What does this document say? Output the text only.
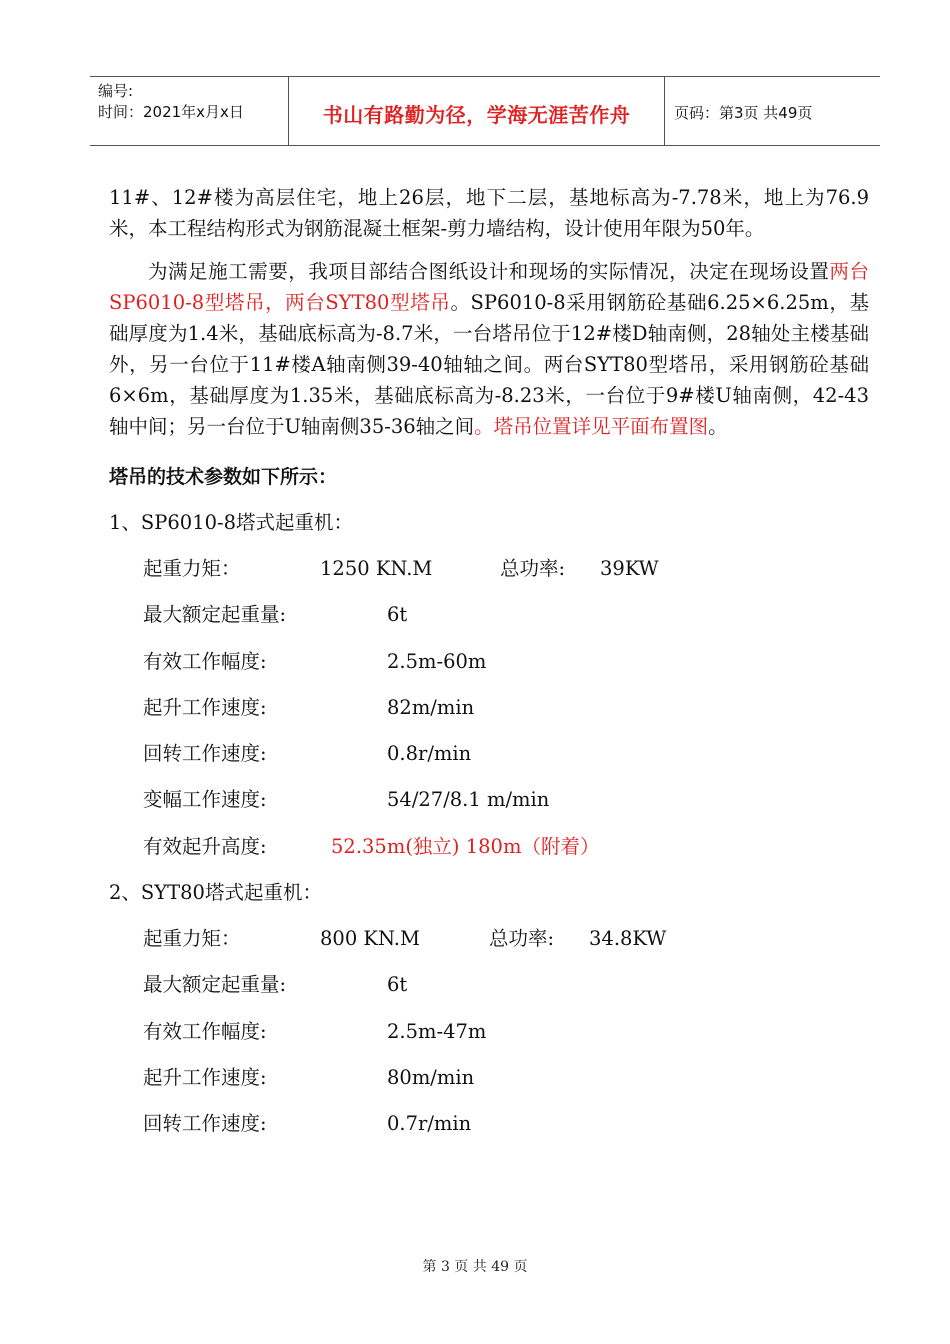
编号:
时间：2021年x月x日	书山有路勤为径，学海无涯苦作舟	页码：第3页 共49页

11#、12#楼为高层住宅，地上26层，地下二层，基地标高为-7.78米，地上为76.9米，本工程结构形式为钢筋混凝土框架-剪力墙结构，设计使用年限为50年。

为满足施工需要，我项目部结合图纸设计和现场的实际情况，决定在现场设置两台SP6010-8型塔吊，两台SYT80型塔吊。SP6010-8采用钢筋砼基础6.25×6.25m，基础厚度为1.4米，基础底标高为-8.7米，一台塔吊位于12#楼D轴南侧，28轴处主楼基础外，另一台位于11#楼A轴南侧39-40轴轴之间。两台SYT80型塔吊，采用钢筋砼基础6×6m，基础厚度为1.35米，基础底标高为-8.23米，一台位于9#楼U轴南侧，42-43轴中间；另一台位于U轴南侧35-36轴之间。塔吊位置详见平面布置图。

塔吊的技术参数如下所示：
1、SP6010-8塔式起重机：
起重力矩：	1250 KN.M	总功率: 39KW
最大额定起重量:	6t
有效工作幅度:	2.5m-60m
起升工作速度:	82m/min
回转工作速度:	0.8r/min
变幅工作速度:	54/27/8.1 m/min
有效起升高度:	52.35m(独立) 180m（附着）
2、SYT80塔式起重机：
起重力矩：	800 KN.M	总功率: 34.8KW
最大额定起重量:	6t
有效工作幅度:	2.5m-47m
起升工作速度:	80m/min
回转工作速度:	0.7r/min
第 3 页 共 49 页
